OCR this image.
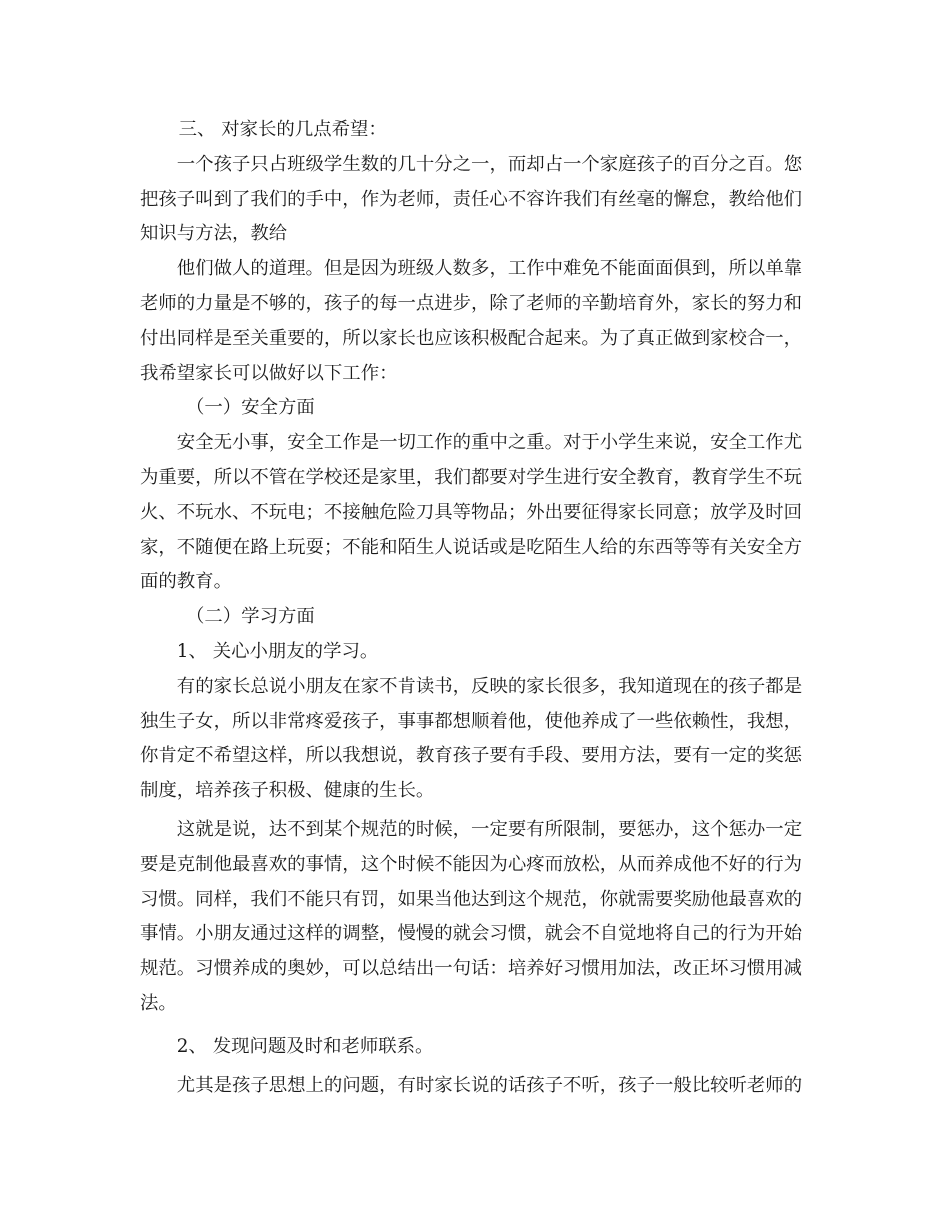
三、 对家长的几点希望：

一个孩子只占班级学生数的几十分之一，而却占一个家庭孩子的百分之百。您把孩子叫到了我们的手中，作为老师，责任心不容许我们有丝毫的懈怠，教给他们知识与方法，教给

他们做人的道理。但是因为班级人数多，工作中难免不能面面俱到，所以单靠老师的力量是不够的，孩子的每一点进步，除了老师的辛勤培育外，家长的努力和付出同样是至关重要的，所以家长也应该积极配合起来。为了真正做到家校合一，我希望家长可以做好以下工作：

（一）安全方面

安全无小事，安全工作是一切工作的重中之重。对于小学生来说，安全工作尤为重要，所以不管在学校还是家里，我们都要对学生进行安全教育，教育学生不玩火、不玩水、不玩电；不接触危险刀具等物品；外出要征得家长同意；放学及时回家，不随便在路上玩耍；不能和陌生人说话或是吃陌生人给的东西等等有关安全方面的教育。

（二）学习方面

1、 关心小朋友的学习。

有的家长总说小朋友在家不肯读书，反映的家长很多，我知道现在的孩子都是独生子女，所以非常疼爱孩子，事事都想顺着他，使他养成了一些依赖性，我想，你肯定不希望这样，所以我想说，教育孩子要有手段、要用方法，要有一定的奖惩制度，培养孩子积极、健康的生长。

这就是说，达不到某个规范的时候，一定要有所限制，要惩办，这个惩办一定要是克制他最喜欢的事情，这个时候不能因为心疼而放松，从而养成他不好的行为习惯。同样，我们不能只有罚，如果当他达到这个规范，你就需要奖励他最喜欢的事情。小朋友通过这样的调整，慢慢的就会习惯，就会不自觉地将自己的行为开始规范。习惯养成的奥妙，可以总结出一句话：培养好习惯用加法，改正坏习惯用减法。

2、 发现问题及时和老师联系。

尤其是孩子思想上的问题，有时家长说的话孩子不听，孩子一般比较听老师的
